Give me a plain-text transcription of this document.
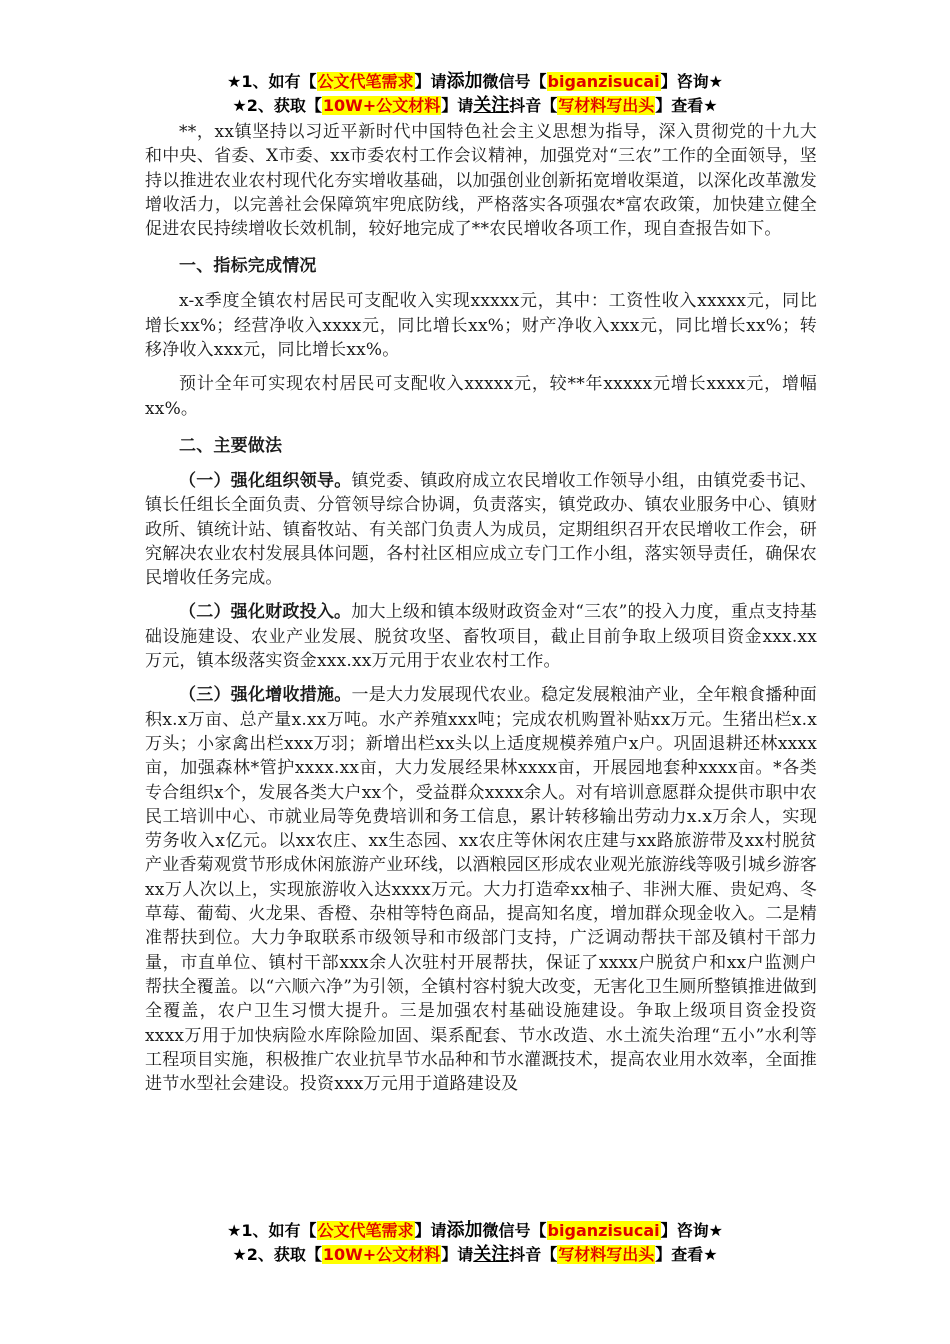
★1、如有【公文代笔需求】请添加微信号【biganzisucai】咨询★
★2、获取【10W+公文材料】请关注抖音【写材料写出头】查看★

**，xx镇坚持以习近平新时代中国特色社会主义思想为指导，深入贯彻党的十九大和中央、省委、X市委、xx市委农村工作会议精神，加强党对“三农”工作的全面领导，坚持以推进农业农村现代化夯实增收基础，以加强创业创新拓宽增收渠道，以深化改革激发增收活力，以完善社会保障筑牢兜底防线，严格落实各项强农*富农政策，加快建立健全促进农民持续增收长效机制，较好地完成了**农民增收各项工作，现自查报告如下。

一、指标完成情况

x-x季度全镇农村居民可支配收入实现xxxxx元，其中：工资性收入xxxxx元，同比增长xx%；经营净收入xxxx元，同比增长xx%；财产净收入xxx元，同比增长xx%；转移净收入xxx元，同比增长xx%。

预计全年可实现农村居民可支配收入xxxxx元，较**年xxxxx元增长xxxx元，增幅xx%。

二、主要做法

（一）强化组织领导。镇党委、镇政府成立农民增收工作领导小组，由镇党委书记、镇长任组长全面负责、分管领导综合协调，负责落实，镇党政办、镇农业服务中心、镇财政所、镇统计站、镇畜牧站、有关部门负责人为成员，定期组织召开农民增收工作会，研究解决农业农村发展具体问题，各村社区相应成立专门工作小组，落实领导责任，确保农民增收任务完成。

（二）强化财政投入。加大上级和镇本级财政资金对“三农”的投入力度，重点支持基础设施建设、农业产业发展、脱贫攻坚、畜牧项目，截止目前争取上级项目资金xxx.xx万元，镇本级落实资金xxx.xx万元用于农业农村工作。

（三）强化增收措施。一是大力发展现代农业。稳定发展粮油产业，全年粮食播种面积x.x万亩、总产量x.xx万吨。水产养殖xxx吨；完成农机购置补贴xx万元。生猪出栏x.x万头；小家禽出栏xxx万羽；新增出栏xx头以上适度规模养殖户x户。巩固退耕还林xxxx亩，加强森林*管护xxxx.xx亩，大力发展经果林xxxx亩，开展园地套种xxxx亩。*各类专合组织x个，发展各类大户xx个，受益群众xxxx余人。对有培训意愿群众提供市职中农民工培训中心、市就业局等免费培训和务工信息，累计转移输出劳动力x.x万余人，实现劳务收入x亿元。以xx农庄、xx生态园、xx农庄等休闲农庄建与xx路旅游带及xx村脱贫产业香菊观赏节形成休闲旅游产业环线，以酒粮园区形成农业观光旅游线等吸引城乡游客xx万人次以上，实现旅游收入达xxxx万元。大力打造牵xx柚子、非洲大雁、贵妃鸡、冬草莓、葡萄、火龙果、香橙、杂柑等特色商品，提高知名度，增加群众现金收入。二是精准帮扶到位。大力争取联系市级领导和市级部门支持，广泛调动帮扶干部及镇村干部力量，市直单位、镇村干部xxx余人次驻村开展帮扶，保证了xxxx户脱贫户和xx户监测户帮扶全覆盖。以“六顺六净”为引领，全镇村容村貌大改变，无害化卫生厕所整镇推进做到全覆盖，农户卫生习惯大提升。三是加强农村基础设施建设。争取上级项目资金投资xxxx万用于加快病险水库除险加固、渠系配套、节水改造、水土流失治理“五小”水利等工程项目实施，积极推广农业抗旱节水品种和节水灌溉技术，提高农业用水效率，全面推进节水型社会建设。投资xxx万元用于道路建设及

★1、如有【公文代笔需求】请添加微信号【biganzisucai】咨询★
★2、获取【10W+公文材料】请关注抖音【写材料写出头】查看★
